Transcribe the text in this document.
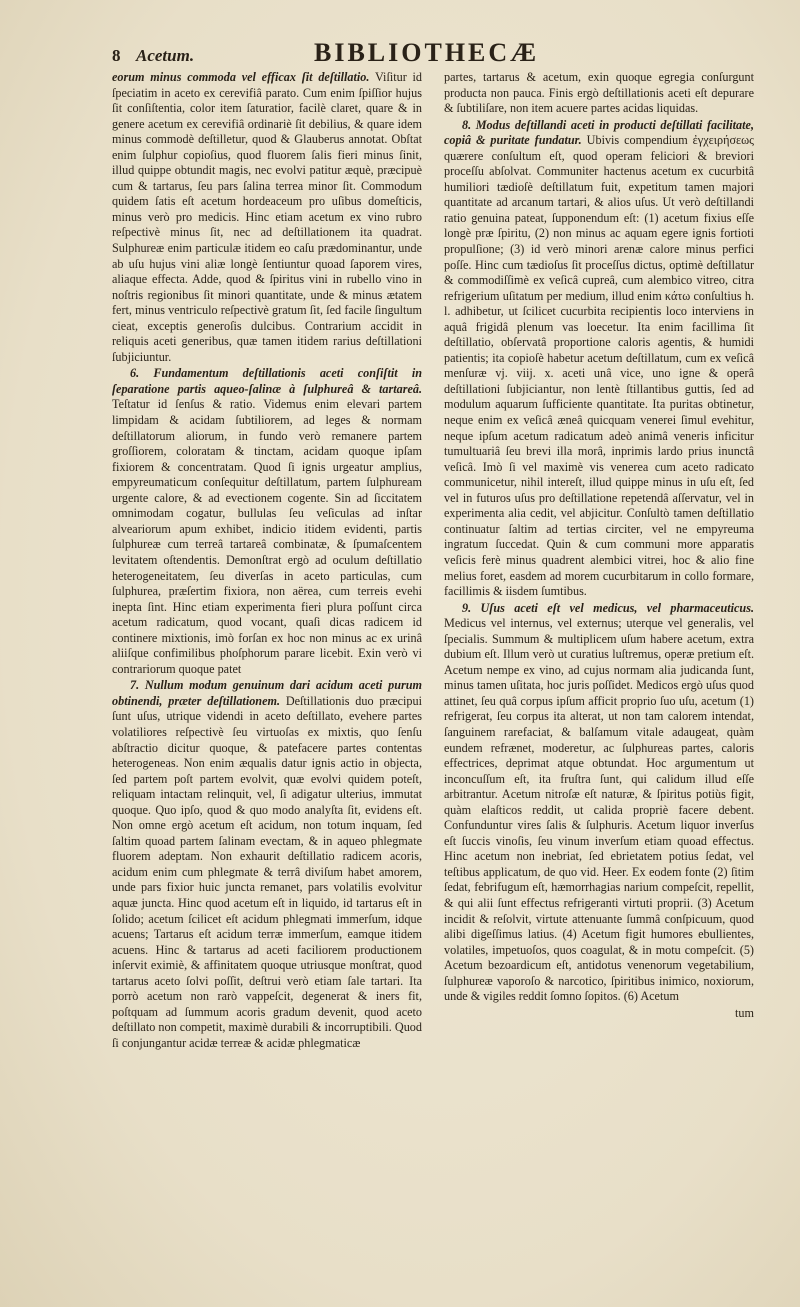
8 Acetum.	BIBLIOTHECÆ

eorum minus commoda vel efficax ſit deſtillatio. Viſitur id ſpeciatim in aceto ex cerevifiâ parato. Cum enim ſpiſſior hujus ſit conſiſtentia, color item ſaturatior, facilè claret, quare & in genere acetum ex cerevifiâ ordinariè ſit debilius, & quare idem minus commodè deſtilletur, quod & Glauberus annotat. Obſtat enim ſulphur copioſius, quod fluorem ſalis fieri minus ſinit, illud quippe obtundit magis, nec evolvi patitur æquè, præcipuè cum & tartarus, ſeu pars ſalina terrea minor ſit. Commodum quidem ſatis eſt acetum hordeaceum pro uſibus domeſticis, minus verò pro medicis. Hinc etiam acetum ex vino rubro reſpectivè minus ſit, nec ad deſtillationem ita quadrat. Sulphureæ enim particulæ itidem eo caſu prædominantur, unde ab uſu hujus vini aliæ longè ſentiuntur quoad ſaporem vires, aliaque effecta. Adde, quod & ſpiritus vini in rubello vino in noſtris regionibus ſit minori quantitate, unde & minus ætatem fert, minus ventriculo reſpectivè gratum ſit, ſed facile ſingultum cieat, exceptis generoſis dulcibus. Contrarium accidit in reliquis aceti generibus, quæ tamen itidem rarius deſtillationi ſubjiciuntur.

6. Fundamentum deſtillationis aceti conſiſtit in ſeparatione partis aqueo-ſalinæ à ſulphureâ & tartareâ. Teſtatur id ſenſus & ratio. Videmus enim elevari partem limpidam & acidam ſubtiliorem, ad leges & normam deſtillatorum aliorum, in fundo verò remanere partem groſſiorem, coloratam & tinctam, acidam quoque ipſam fixiorem & concentratam. Quod ſi ignis urgeatur amplius, empyreumaticum conſequitur deſtillatum, partem ſulphuream urgente calore, & ad evectionem cogente. Sin ad ſiccitatem omnimodam cogatur, bullulas ſeu veſiculas ad inſtar alveariorum apum exhibet, indicio itidem evidenti, partis ſulphureæ cum terreâ tartareâ combinatæ, & ſpumaſcentem levitatem oſtendentis. Demonſtrat ergò ad oculum deſtillatio heterogeneitatem, ſeu diverſas in aceto particulas, cum ſulphurea, præſertim fixiora, non aërea, cum terreis evehi inepta ſint. Hinc etiam experimenta fieri plura poſſunt circa acetum radicatum, quod vocant, quaſi dicas radicem id continere mixtionis, imò forſan ex hoc non minus ac ex urinâ aliiſque confimilibus phoſphorum parare licebit. Exin verò vi contrariorum quoque patet

7. Nullum modum genuinum dari acidum aceti purum obtinendi, præter deſtillationem. Deſtillationis duo præcipui ſunt uſus, utrique videndi in aceto deſtillato, evehere partes volatiliores reſpectivè ſeu virtuoſas ex mixtis, quo ſenſu abſtractio dicitur quoque, & patefacere partes contentas heterogeneas. Non enim æqualis datur ignis actio in objecta, ſed partem poſt partem evolvit, quæ evolvi quidem poteſt, reliquam intactam relinquit, vel, ſi adigatur ulterius, immutat quoque. Quo ipſo, quod & quo modo analyſta ſit, evidens eſt. Non omne ergò acetum eſt acidum, non totum inquam, ſed ſaltim quoad partem ſalinam evectam, & in aqueo phlegmate fluorem adeptam. Non exhaurit deſtillatio radicem acoris, acidum enim cum phlegmate & terrâ diviſum habet amorem, unde pars fixior huic juncta remanet, pars volatilis evolvitur aquæ juncta. Hinc quod acetum eſt in liquido, id tartarus eſt in ſolido; acetum ſcilicet eſt acidum phlegmati immerſum, idque acuens; Tartarus eſt acidum terræ immerſum, eamque itidem acuens. Hinc & tartarus ad aceti faciliorem productionem inſervit eximiè, & affinitatem quoque utriusque monſtrat, quod tartarus aceto ſolvi poſſit, deſtrui verò etiam ſale tartari. Ita porrò acetum non rarò vappeſcit, degenerat & iners fit, poſtquam ad ſummum acoris gradum devenit, quod aceto deſtillato non competit, maximè durabili & incorruptibili. Quod ſi conjungantur acidæ terreæ & acidæ phlegmaticæ

partes, tartarus & acetum, exin quoque egregia conſurgunt producta non pauca. Finis ergò deſtillationis aceti eſt depurare & ſubtiliſare, non item acuere partes acidas liquidas.

8. Modus deſtillandi aceti in producti deſtillati facilitate, copiâ & puritate fundatur. Ubivis compendium ἐγχειρήσεως quærere conſultum eſt, quod operam feliciori & breviori proceſſu abſolvat. Communiter hactenus acetum ex cucurbitâ humiliori tædioſè deſtillatum fuit, expetitum tamen majori quantitate ad arcanum tartari, & alios uſus. Ut verò deſtillandi ratio genuina pateat, ſupponendum eſt: (1) acetum fixius eſſe longè præ ſpiritu, (2) non minus ac aquam egere ignis fortioti propulſione; (3) id verò minori arenæ calore minus perfici poſſe. Hinc cum tædioſus ſit proceſſus dictus, optimè deſtillatur & commodiſſimè ex veſicâ cupreâ, cum alembico vitreo, citra refrigerium uſitatum per medium, illud enim κάτω conſultius h. l. adhibetur, ut ſcilicet cucurbita recipientis loco interviens in aquâ frigidâ plenum vas loecetur. Ita enim facillima ſit deſtillatio, obſervatâ proportione caloris agentis, & humidi patientis; ita copioſè habetur acetum deſtillatum, cum ex veſicâ menſuræ vj. viij. x. aceti unâ vice, uno igne & operâ deſtillationi ſubjiciantur, non lentè ſtillantibus guttis, ſed ad modulum aquarum ſufficiente quantitate. Ita puritas obtinetur, neque enim ex veſicâ æneâ quicquam venerei ſimul evehitur, neque ipſum acetum radicatum adeò animâ veneris inficitur tumultuariâ ſeu brevi illa morâ, inprimis lardo prius inunctâ veſicâ. Imò ſi vel maximè vis venerea cum aceto radicato communicetur, nihil intereſt, illud quippe minus in uſu eſt, ſed vel in futuros uſus pro deſtillatione repetendâ aſſervatur, vel in experimenta alia cedit, vel abjicitur. Conſultò tamen deſtillatio continuatur ſaltim ad tertias circiter, vel ne empyreuma ingratum ſuccedat. Quin & cum communi more apparatis veſicis ferè minus quadrent alembici vitrei, hoc & alio fine melius foret, easdem ad morem cucurbitarum in collo formare, facillimis & iisdem ſumtibus.

9. Uſus aceti eſt vel medicus, vel pharmaceuticus. Medicus vel internus, vel externus; uterque vel generalis, vel ſpecialis. Summum & multiplicem uſum habere acetum, extra dubium eſt. Illum verò ut curatius luſtremus, operæ pretium eſt. Acetum nempe ex vino, ad cujus normam alia judicanda ſunt, minus tamen uſitata, hoc juris poſſidet. Medicos ergò uſus quod attinet, ſeu quâ corpus ipſum afficit proprio ſuo uſu, acetum (1) refrigerat, ſeu corpus ita alterat, ut non tam calorem intendat, ſanguinem rarefaciat, & balſamum vitale adaugeat, quàm eundem refrænet, moderetur, ac ſulphureas partes, caloris effectrices, deprimat atque obtundat. Hoc argumentum ut inconcuſſum eſt, ita fruſtra ſunt, qui calidum illud eſſe arbitrantur. Acetum nitroſæ eſt naturæ, & ſpiritus potiùs figit, quàm elaſticos reddit, ut calida propriè facere debent. Confunduntur vires ſalis & ſulphuris. Acetum liquor inverſus eſt ſuccis vinoſis, ſeu vinum inverſum etiam quoad effectus. Hinc acetum non inebriat, ſed ebrietatem potius ſedat, vel teſtibus applicatum, de quo vid. Heer. Ex eodem fonte (2) ſitim ſedat, febrifugum eſt, hæmorrhagias narium compeſcit, repellit, & qui alii ſunt effectus refrigeranti virtuti proprii. (3) Acetum incidit & reſolvit, virtute attenuante ſummâ conſpicuum, quod alibi digeſſimus latius. (4) Acetum figit humores ebullientes, volatiles, impetuoſos, quos coagulat, & in motu compeſcit. (5) Acetum bezoardicum eſt, antidotus venenorum vegetabilium, ſulphureæ vaporoſo & narcotico, ſpiritibus inimico, noxiorum, unde & vigiles reddit ſomno ſopitos. (6) Acetum

tum
